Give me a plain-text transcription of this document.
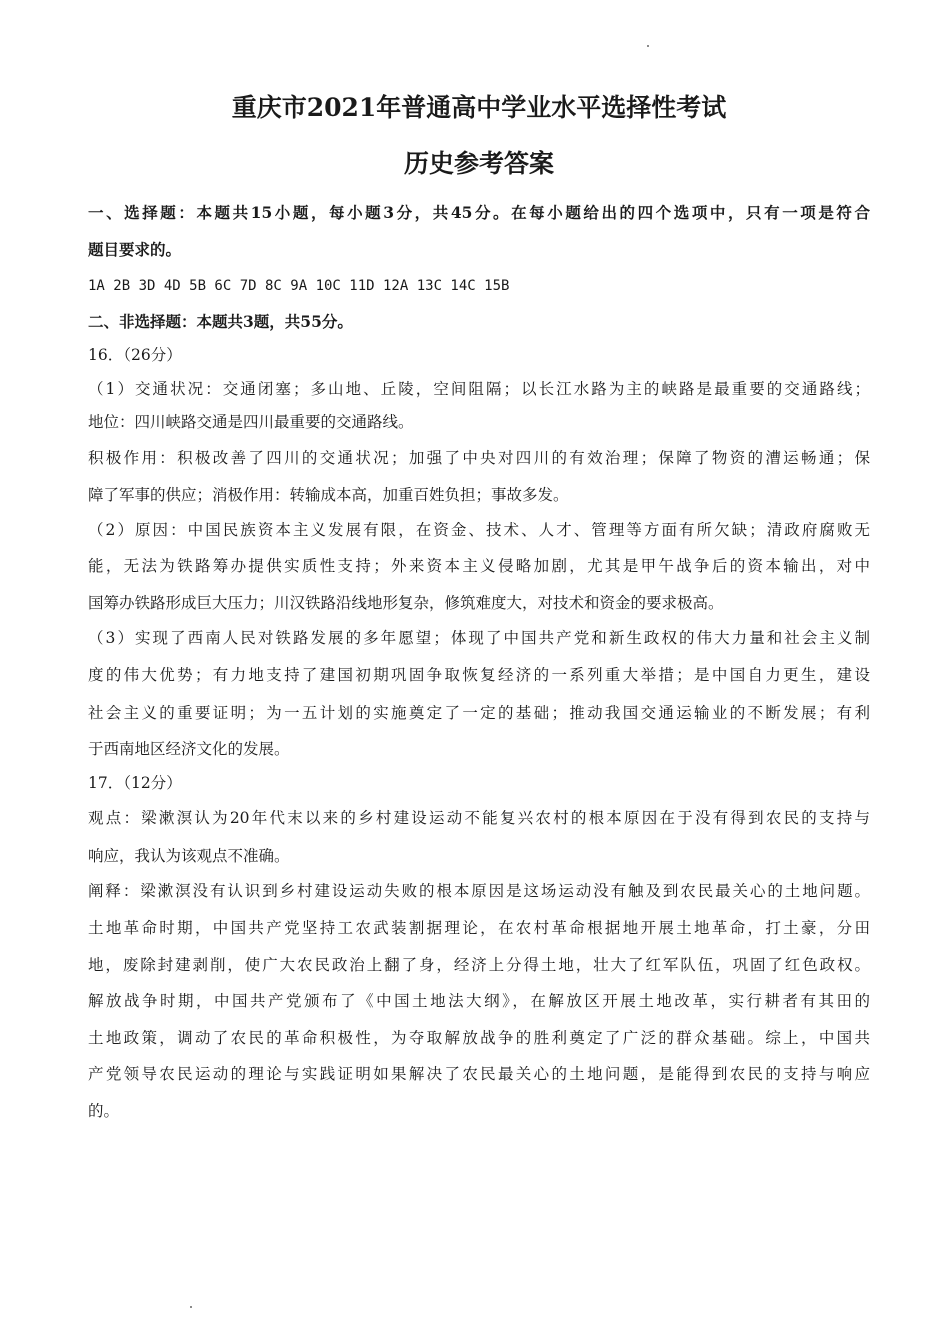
重庆市2021年普通高中学业水平选择性考试
历史参考答案
一、选择题：本题共15小题，每小题3分，共45分。在每小题给出的四个选项中，只有一项是符合
题目要求的。
1A 2B 3D 4D 5B 6C 7D 8C 9A 10C 11D 12A 13C 14C 15B
二、非选择题：本题共3题，共55分。
16．（26分）
（1）交通状况：交通闭塞；多山地、丘陵，空间阻隔；以长江水路为主的峡路是最重要的交通路线；
地位：四川峡路交通是四川最重要的交通路线。
积极作用：积极改善了四川的交通状况；加强了中央对四川的有效治理；保障了物资的漕运畅通；保
障了军事的供应；消极作用：转输成本高，加重百姓负担；事故多发。
（2）原因：中国民族资本主义发展有限，在资金、技术、人才、管理等方面有所欠缺；清政府腐败无
能，无法为铁路筹办提供实质性支持；外来资本主义侵略加剧，尤其是甲午战争后的资本输出，对中
国筹办铁路形成巨大压力；川汉铁路沿线地形复杂，修筑难度大，对技术和资金的要求极高。
（3）实现了西南人民对铁路发展的多年愿望；体现了中国共产党和新生政权的伟大力量和社会主义制
度的伟大优势；有力地支持了建国初期巩固争取恢复经济的一系列重大举措；是中国自力更生，建设
社会主义的重要证明；为一五计划的实施奠定了一定的基础；推动我国交通运输业的不断发展；有利
于西南地区经济文化的发展。
17．（12分）
观点：梁漱溟认为20年代末以来的乡村建设运动不能复兴农村的根本原因在于没有得到农民的支持与
响应，我认为该观点不准确。
阐释：梁漱溟没有认识到乡村建设运动失败的根本原因是这场运动没有触及到农民最关心的土地问题。
土地革命时期，中国共产党坚持工农武装割据理论，在农村革命根据地开展土地革命，打土豪，分田
地，废除封建剥削，使广大农民政治上翻了身，经济上分得土地，壮大了红军队伍，巩固了红色政权。
解放战争时期，中国共产党颁布了《中国土地法大纲》，在解放区开展土地改革，实行耕者有其田的
土地政策，调动了农民的革命积极性，为夺取解放战争的胜利奠定了广泛的群众基础。综上，中国共
产党领导农民运动的理论与实践证明如果解决了农民最关心的土地问题，是能得到农民的支持与响应
的。
